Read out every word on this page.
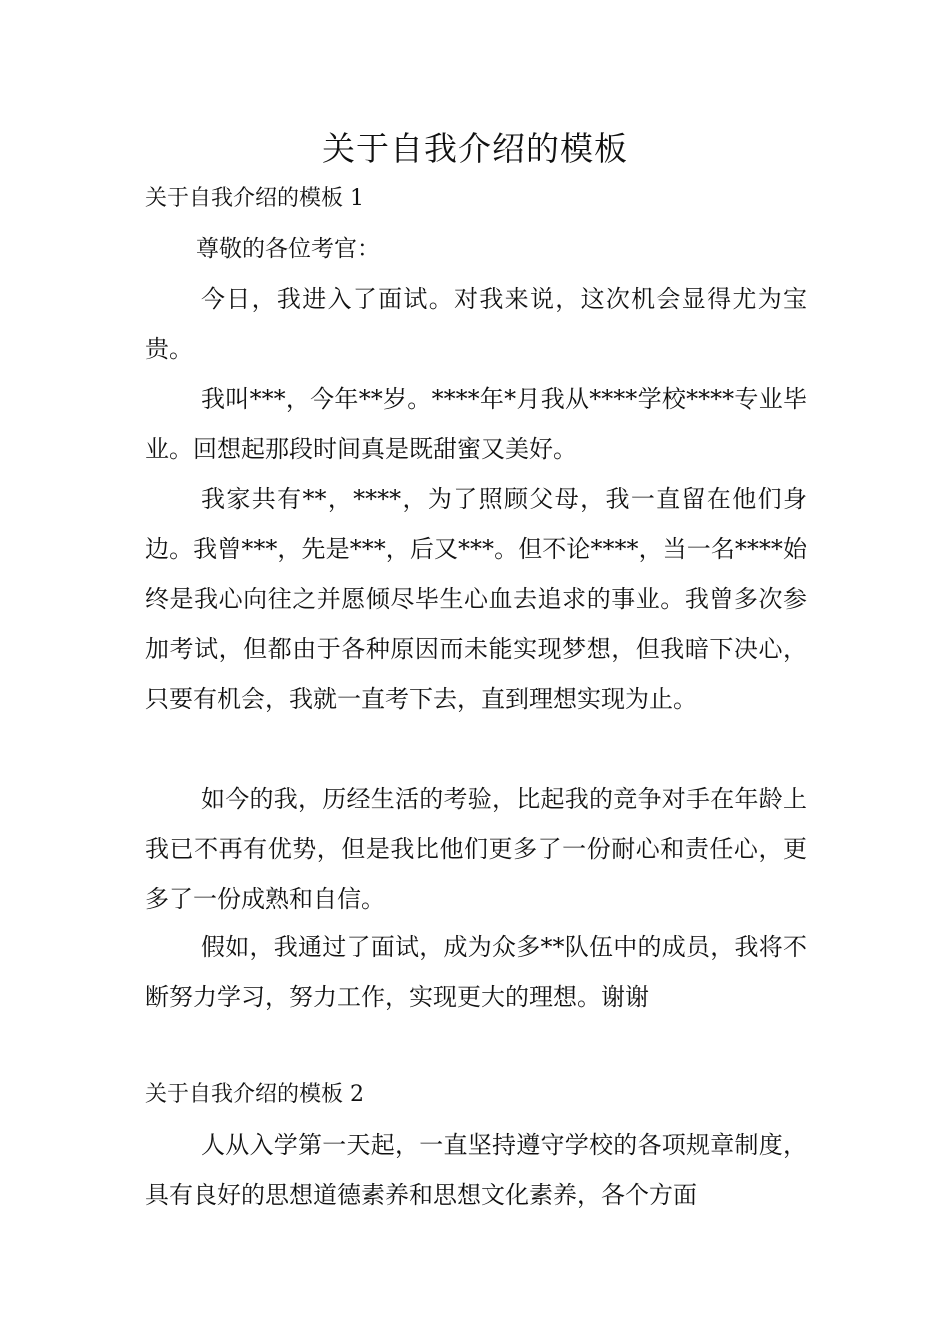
关于自我介绍的模板
关于自我介绍的模板 1
尊敬的各位考官：

今日，我进入了面试。对我来说，这次机会显得尤为宝贵。

我叫***，今年**岁。****年*月我从****学校****专业毕业。回想起那段时间真是既甜蜜又美好。

我家共有**，****，为了照顾父母，我一直留在他们身边。我曾***，先是***，后又***。但不论****，当一名****始终是我心向往之并愿倾尽毕生心血去追求的事业。我曾多次参加考试，但都由于各种原因而未能实现梦想，但我暗下决心，只要有机会，我就一直考下去，直到理想实现为止。

如今的我，历经生活的考验，比起我的竞争对手在年龄上我已不再有优势，但是我比他们更多了一份耐心和责任心，更多了一份成熟和自信。

假如，我通过了面试，成为众多**队伍中的成员，我将不断努力学习，努力工作，实现更大的理想。谢谢

关于自我介绍的模板 2

人从入学第一天起，一直坚持遵守学校的各项规章制度，具有良好的思想道德素养和思想文化素养，各个方面
